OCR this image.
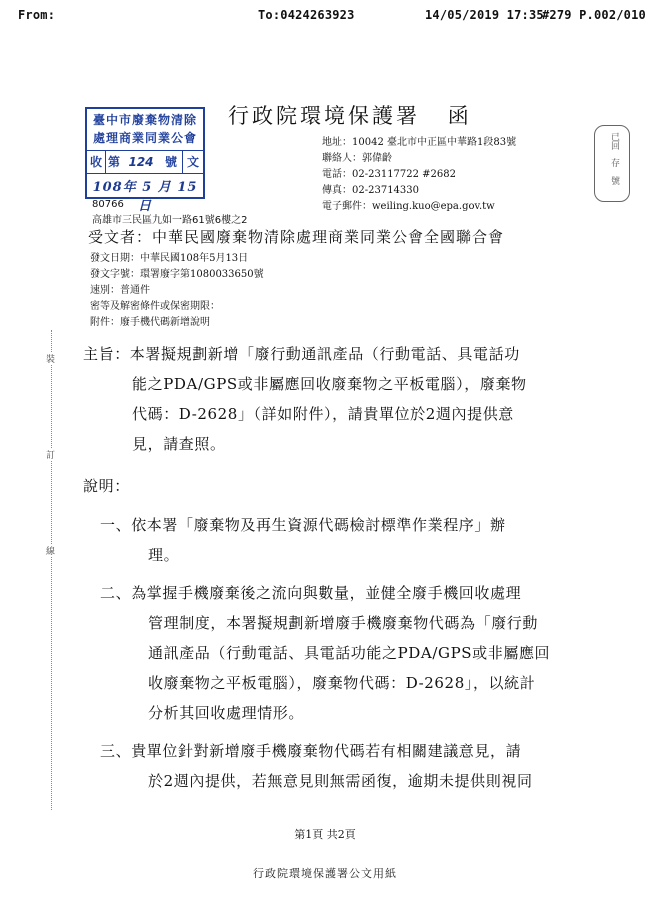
From:	To:0424263923	14/05/2019 17:35
#279 P.002/010
臺中市廢棄物清除
處理商業同業公會
收 第 124 號 文
108年 5 月 15日
已回
存
號
行政院環境保護署 函
地址：10042 臺北市中正區中華路1段83號
聯絡人：郭偉齡
電話：02-23117722 #2682
傳真：02-23714330
電子郵件：weiling.kuo@epa.gov.tw
80766
高雄市三民區九如一路61號6樓之2
受文者：中華民國廢棄物清除處理商業同業公會全國聯合會
發文日期：中華民國108年5月13日
發文字號：環署廢字第1080033650號
速別：普通件
密等及解密條件或保密期限：
附件：廢手機代碼新增說明
主旨：本署擬規劃新增「廢行動通訊產品（行動電話、具電話功
能之PDA/GPS或非屬應回收廢棄物之平板電腦），廢棄物
代碼：D-2628」（詳如附件），請貴單位於2週內提供意
見，請查照。
說明：
一、依本署「廢棄物及再生資源代碼檢討標準作業程序」辦
理。
二、為掌握手機廢棄後之流向與數量，並健全廢手機回收處理
管理制度，本署擬規劃新增廢手機廢棄物代碼為「廢行動
通訊產品（行動電話、具電話功能之PDA/GPS或非屬應回
收廢棄物之平板電腦），廢棄物代碼：D-2628」，以統計
分析其回收處理情形。
三、貴單位針對新增廢手機廢棄物代碼若有相關建議意見，請
於2週內提供，若無意見則無需函復，逾期未提供則視同
裝
訂
線
第1頁 共2頁
行政院環境保護署公文用紙
